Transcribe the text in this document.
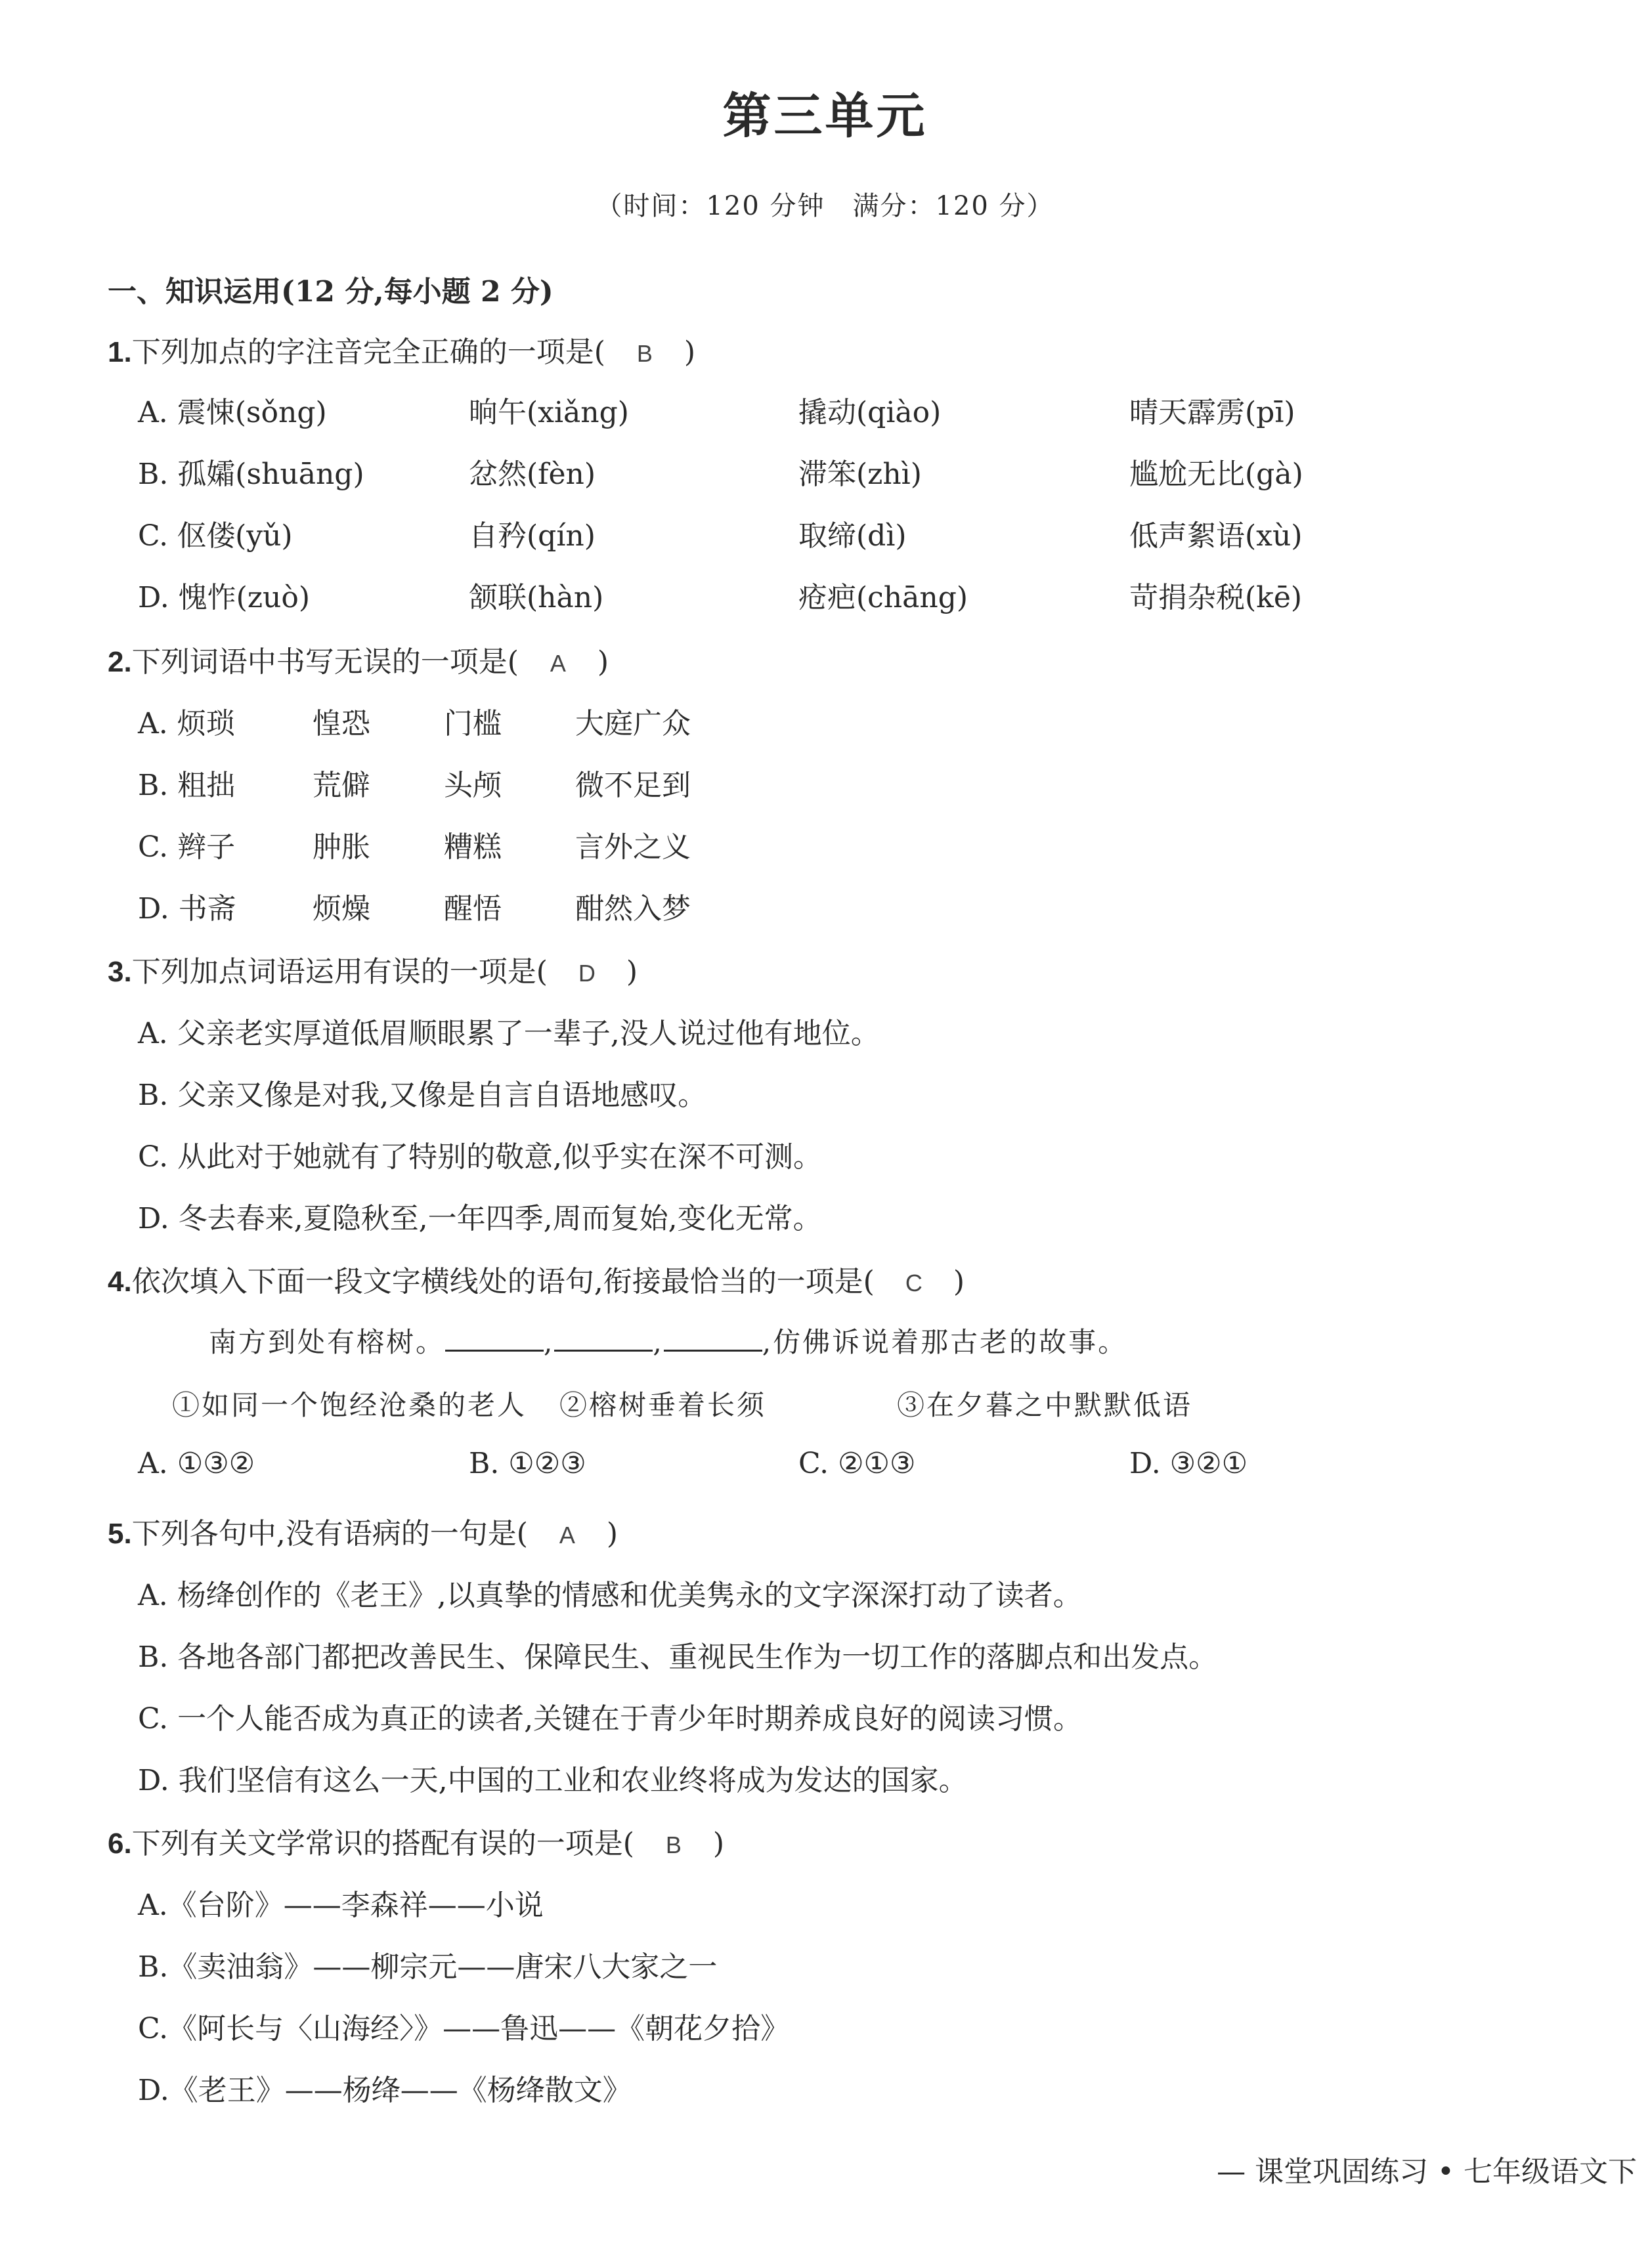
第三单元
（时间：120 分钟　满分：120 分）
一、知识运用(12 分,每小题 2 分)
1.下列加点的字注音完全正确的一项是( B )
A. 震悚(sǒng)	晌午(xiǎng)	撬动(qiào)	晴天霹雳(pī)
B. 孤孀(shuāng)	忿然(fèn)	滞笨(zhì)	尴尬无比(gà)
C. 伛偻(yǔ)	自矜(qín)	取缔(dì)	低声絮语(xù)
D. 愧怍(zuò)	颔联(hàn)	疮疤(chāng)	苛捐杂税(kē)
2.下列词语中书写无误的一项是( A )
A. 烦琐	惶恐	门槛	大庭广众
B. 粗拙	荒僻	头颅	微不足到
C. 辫子	肿胀	糟糕	言外之义
D. 书斋	烦燥	醒悟	酣然入梦
3.下列加点词语运用有误的一项是( D )
A. 父亲老实厚道低眉顺眼累了一辈子,没人说过他有地位。
B. 父亲又像是对我,又像是自言自语地感叹。
C. 从此对于她就有了特别的敬意,似乎实在深不可测。
D. 冬去春来,夏隐秋至,一年四季,周而复始,变化无常。
4.依次填入下面一段文字横线处的语句,衔接最恰当的一项是( C )
南方到处有榕树。	,	,	,仿佛诉说着那古老的故事。
①如同一个饱经沧桑的老人 ②榕树垂着长须	③在夕暮之中默默低语
A. ①③②	B. ①②③	C. ②①③	D. ③②①
5.下列各句中,没有语病的一句是( A )
A. 杨绛创作的《老王》,以真挚的情感和优美隽永的文字深深打动了读者。
B. 各地各部门都把改善民生、保障民生、重视民生作为一切工作的落脚点和出发点。
C. 一个人能否成为真正的读者,关键在于青少年时期养成良好的阅读习惯。
D. 我们坚信有这么一天,中国的工业和农业终将成为发达的国家。
6.下列有关文学常识的搭配有误的一项是( B )
A.《台阶》——李森祥——小说
B.《卖油翁》——柳宗元——唐宋八大家之一
C.《阿长与〈山海经〉》——鲁迅——《朝花夕拾》
D.《老王》——杨绛——《杨绛散文》
— 课堂巩固练习 • 七年级语文下
